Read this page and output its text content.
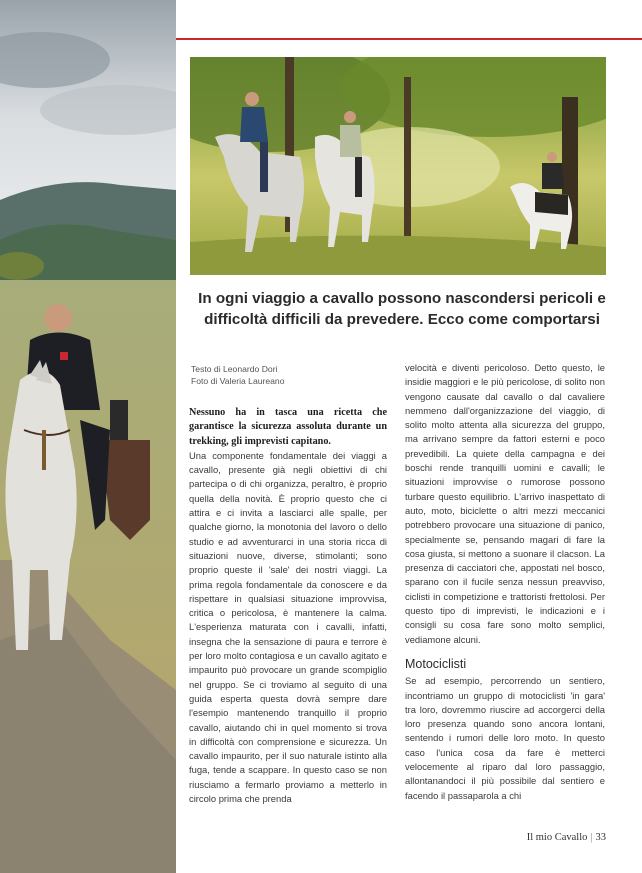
In ogni viaggio a cavallo possono nascondersi pericoli e difficoltà difficili da prevedere. Ecco come comportarsi
Testo di Leonardo Dori
Foto di Valeria Laureano

Nessuno ha in tasca una ricetta che garantisce la sicurezza assoluta durante un trekking, gli imprevisti capitano.

Una componente fondamentale dei viaggi a cavallo, presente già negli obiettivi di chi partecipa o di chi organizza, peraltro, è proprio quella della novità. È proprio questo che ci attira e ci invita a lasciarci alle spalle, per qualche giorno, la monotonia del lavoro o dello studio e ad avventurarci in una storia ricca di situazioni nuove, diverse, stimolanti; sono proprio queste il 'sale' dei nostri viaggi. La prima regola fondamentale da conoscere e da rispettare in qualsiasi situazione improvvisa, critica o pericolosa, è mantenere la calma. L'esperienza maturata con i cavalli, infatti, insegna che la sensazione di paura e terrore è per loro molto contagiosa e un cavallo agitato e impaurito può provocare un grande scompiglio nel gruppo. Se ci troviamo al seguito di una guida esperta questa dovrà sempre dare l'esempio mantenendo tranquillo il proprio cavallo, aiutando chi in quel momento si trova in difficoltà con comprensione e sicurezza. Un cavallo impaurito, per il suo naturale istinto alla fuga, tende a scappare. In questo caso se non riusciamo a fermarlo proviamo a metterlo in circolo prima che prenda

velocità e diventi pericoloso. Detto questo, le insidie maggiori e le più pericolose, di solito non vengono causate dal cavallo o dal cavaliere nemmeno dall'organizzazione del viaggio, di solito molto attenta alla sicurezza del gruppo, ma arrivano sempre da fattori esterni e poco prevedibili. La quiete della campagna e dei boschi rende tranquilli uomini e cavalli; le situazioni improvvise o rumorose possono turbare questo equilibrio. L'arrivo inaspettato di auto, moto, biciclette o altri mezzi meccanici potrebbero provocare una situazione di panico, specialmente se, pensando magari di fare la cosa giusta, si mettono a suonare il clacson. La presenza di cacciatori che, appostati nel bosco, sparano con il fucile senza nessun preavviso, ciclisti in competizione e trattoristi frettolosi. Per questo tipo di imprevisti, le indicazioni e i consigli su cosa fare sono molto semplici, vediamone alcuni.

Motociclisti

Se ad esempio, percorrendo un sentiero, incontriamo un gruppo di motociclisti 'in gara' tra loro, dovremmo riuscire ad accorgerci della loro presenza quando sono ancora lontani, sentendo i rumori delle loro moto. In questo caso l'unica cosa da fare è metterci velocemente al riparo dal loro passaggio, allontanandoci il più possibile dal sentiero e facendo il passaparola a chi

Il mio Cavallo | 33
